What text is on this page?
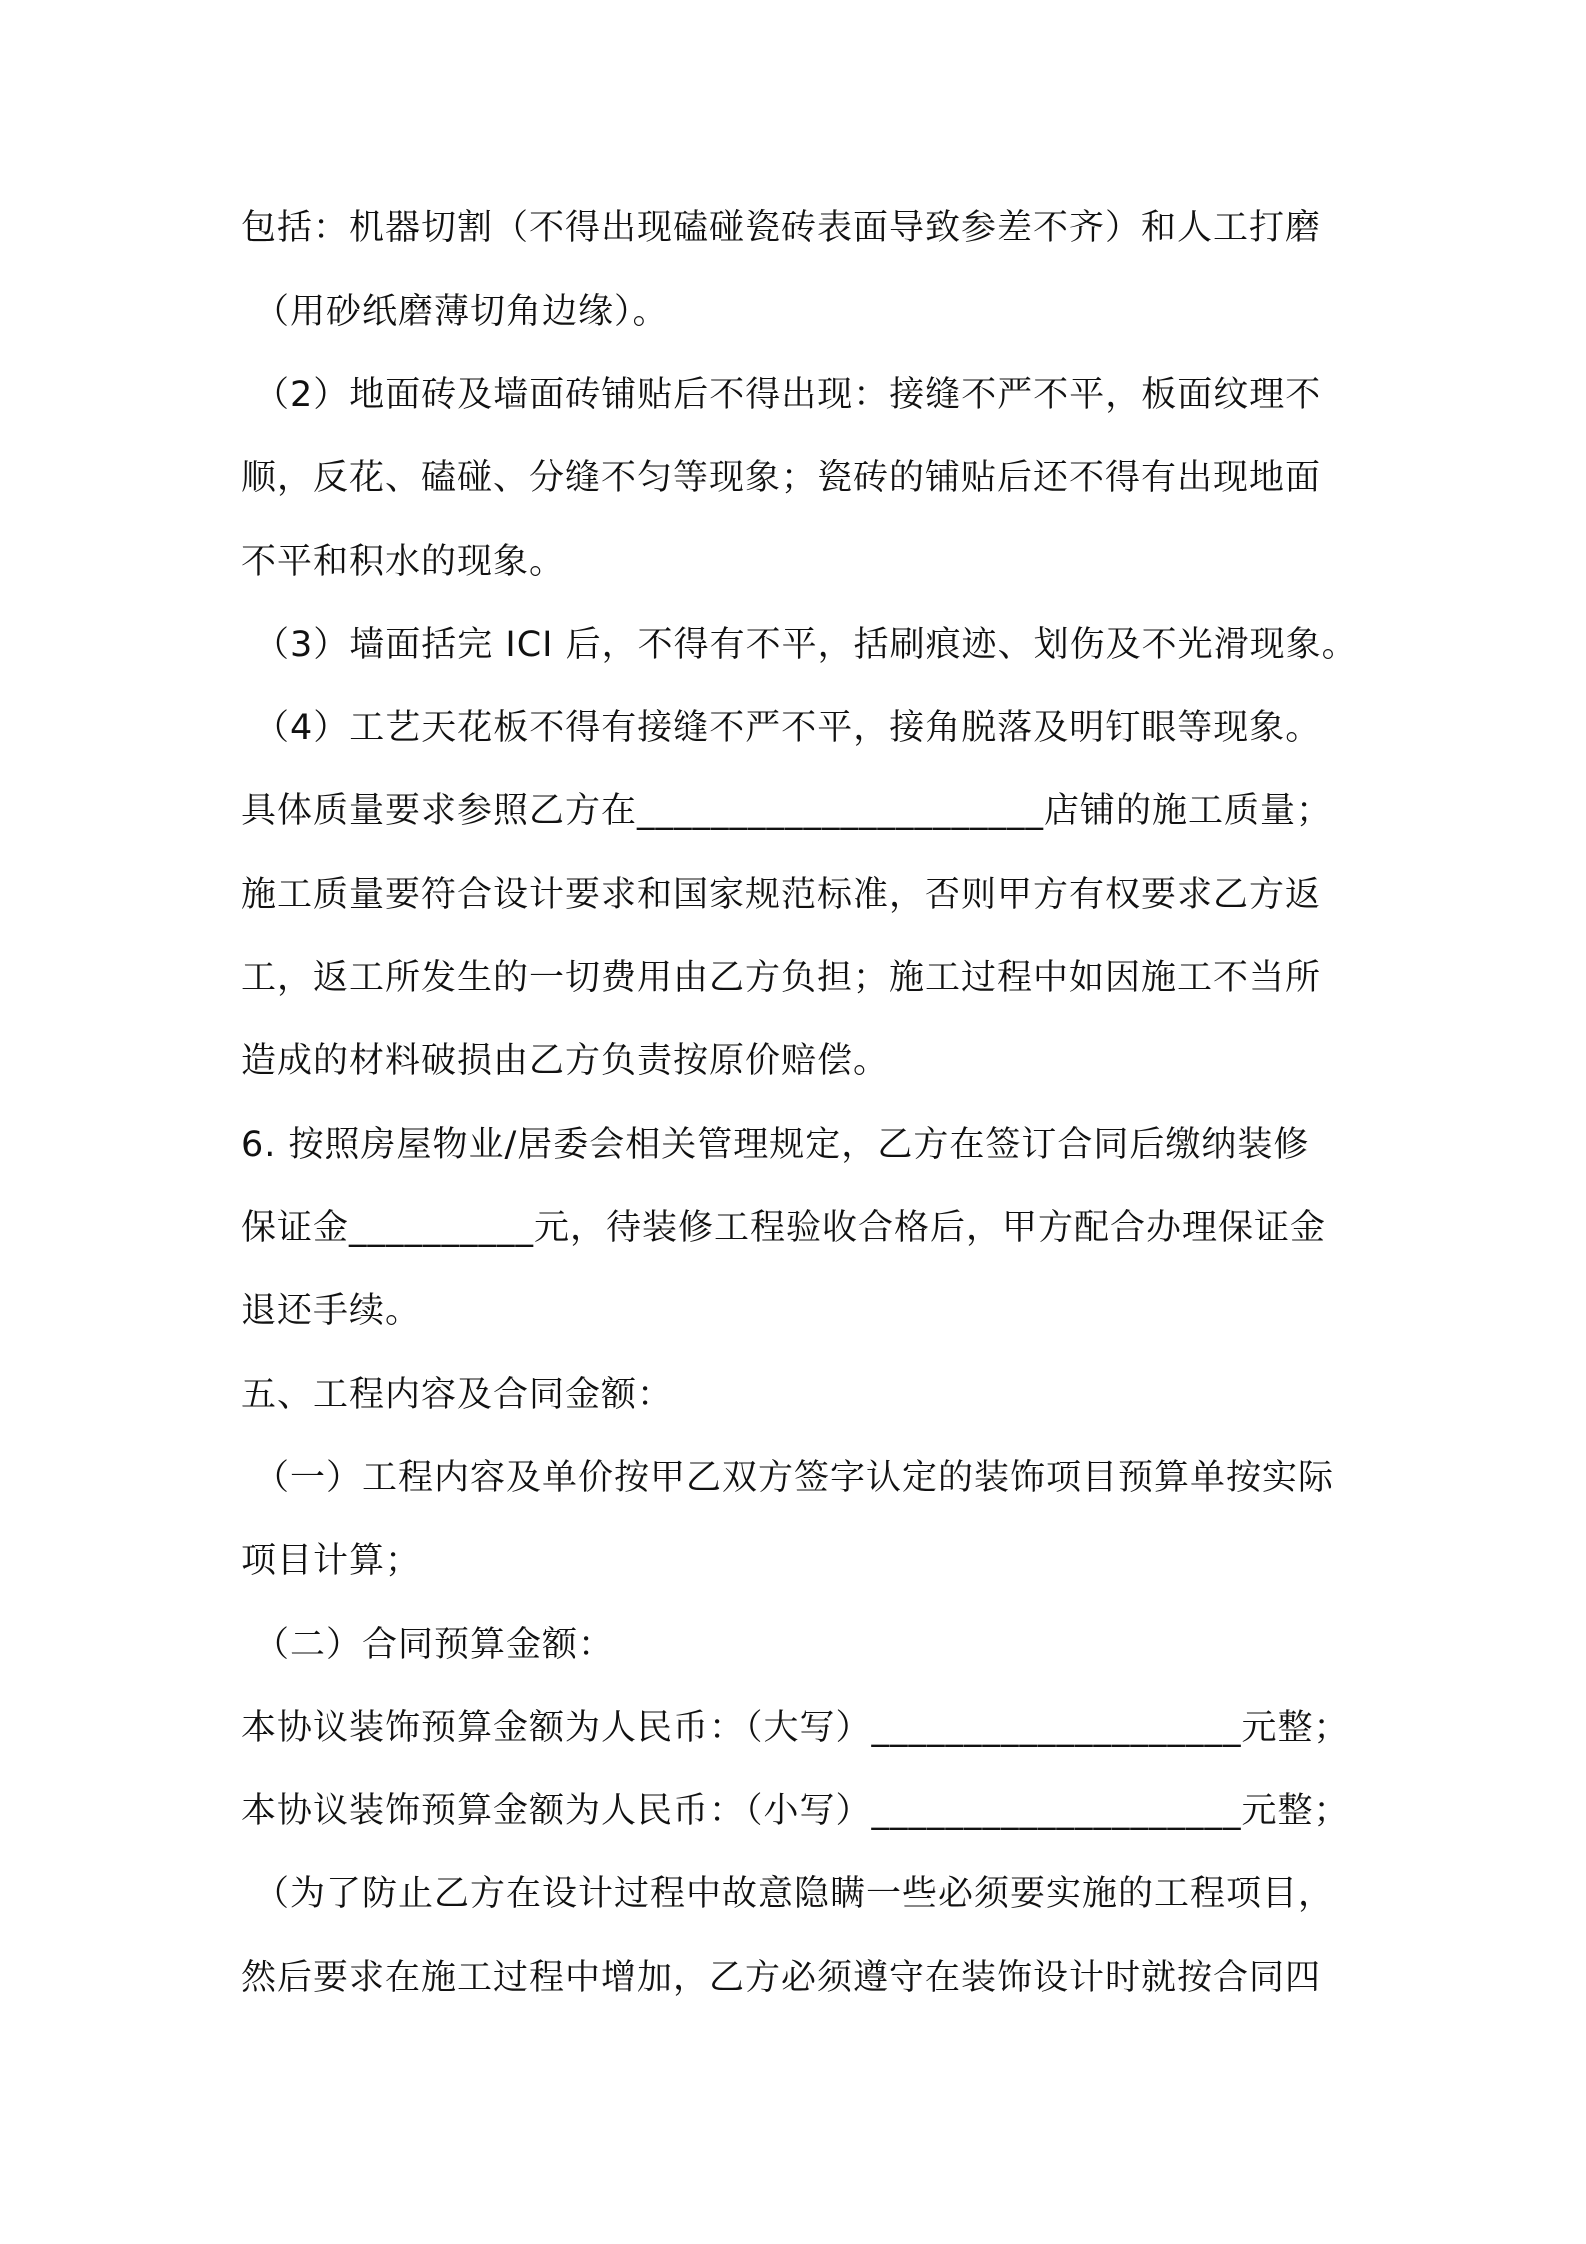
包括：机器切割（不得出现磕碰瓷砖表面导致参差不齐）和人工打磨
（用砂纸磨薄切角边缘）。
（2）地面砖及墙面砖铺贴后不得出现：接缝不严不平，板面纹理不
顺，反花、磕碰、分缝不匀等现象；瓷砖的铺贴后还不得有出现地面
不平和积水的现象。
（3）墙面括完 ICI 后，不得有不平，括刷痕迹、划伤及不光滑现象。
（4）工艺天花板不得有接缝不严不平，接角脱落及明钉眼等现象。
具体质量要求参照乙方在______________________店铺的施工质量；
施工质量要符合设计要求和国家规范标准，否则甲方有权要求乙方返
工，返工所发生的一切费用由乙方负担；施工过程中如因施工不当所
造成的材料破损由乙方负责按原价赔偿。
6. 按照房屋物业/居委会相关管理规定，乙方在签订合同后缴纳装修
保证金__________元，待装修工程验收合格后，甲方配合办理保证金
退还手续。
五、工程内容及合同金额：
（一）工程内容及单价按甲乙双方签字认定的装饰项目预算单按实际
项目计算；
（二）合同预算金额：
本协议装饰预算金额为人民币：（大写）____________________元整；
本协议装饰预算金额为人民币：（小写）____________________元整；
（为了防止乙方在设计过程中故意隐瞒一些必须要实施的工程项目，
然后要求在施工过程中增加，乙方必须遵守在装饰设计时就按合同四
